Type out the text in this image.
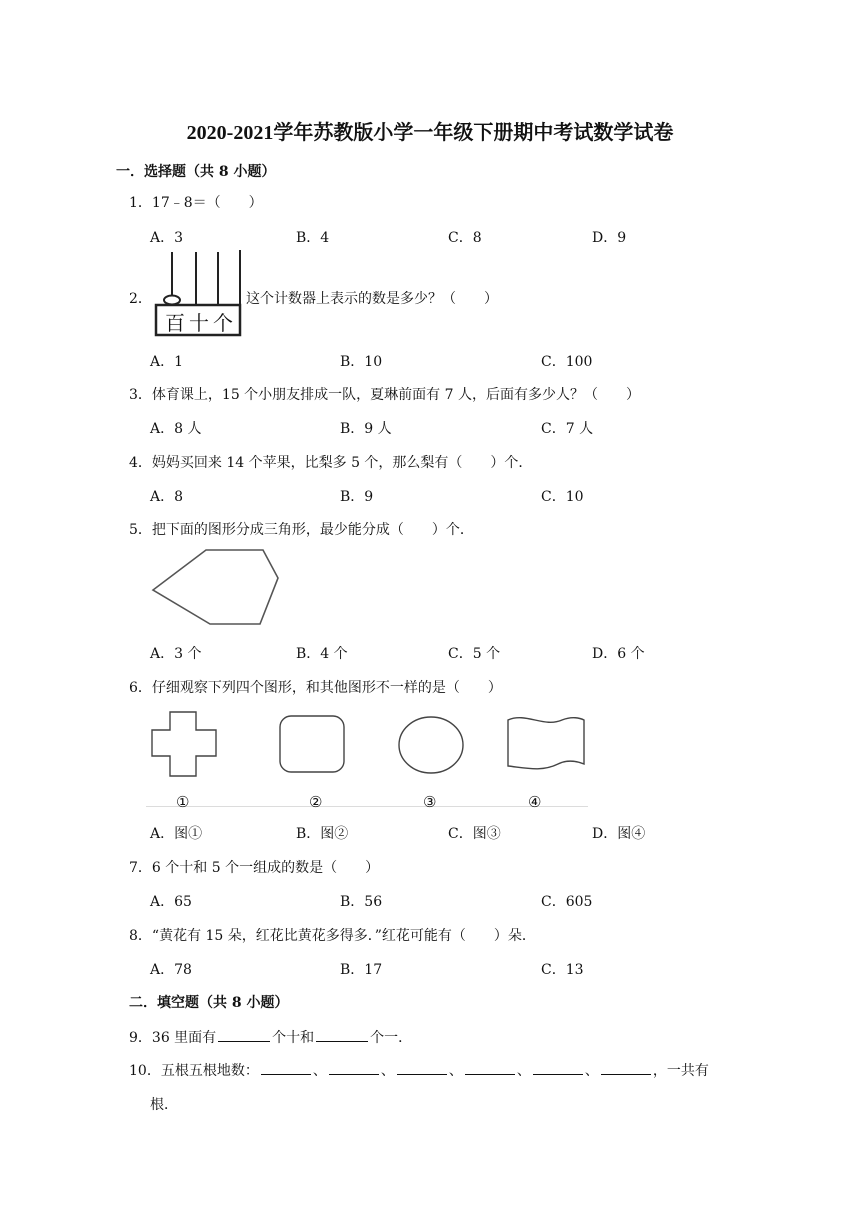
2020-2021学年苏教版小学一年级下册期中考试数学试卷
一．选择题（共 8 小题）
1．17﹣8＝（　　）
A．3	B．4	C．8	D．9
2．
百十个
这个计数器上表示的数是多少？（　　）
A．1	B．10	C．100
3．体育课上，15 个小朋友排成一队，夏琳前面有 7 人，后面有多少人？（　　）
A．8 人	B．9 人	C．7 人
4．妈妈买回来 14 个苹果，比梨多 5 个，那么梨有（　　）个．
A．8	B．9	C．10
5．把下面的图形分成三角形，最少能分成（　　）个．
A．3 个	B．4 个	C．5 个	D．6 个
6．仔细观察下列四个图形，和其他图形不一样的是（　　）
①	②	③	④
A．图①	B．图②	C．图③	D．图④
7．6 个十和 5 个一组成的数是（　　）
A．65	B．56	C．605
8．“黄花有 15 朵，红花比黄花多得多．”红花可能有（　　）朵．
A．78	B．17	C．13
二．填空题（共 8 小题）
9．36 里面有	个十和	个一．
10．五根五根地数：	、	、	、	、	、	，一共有
根．
